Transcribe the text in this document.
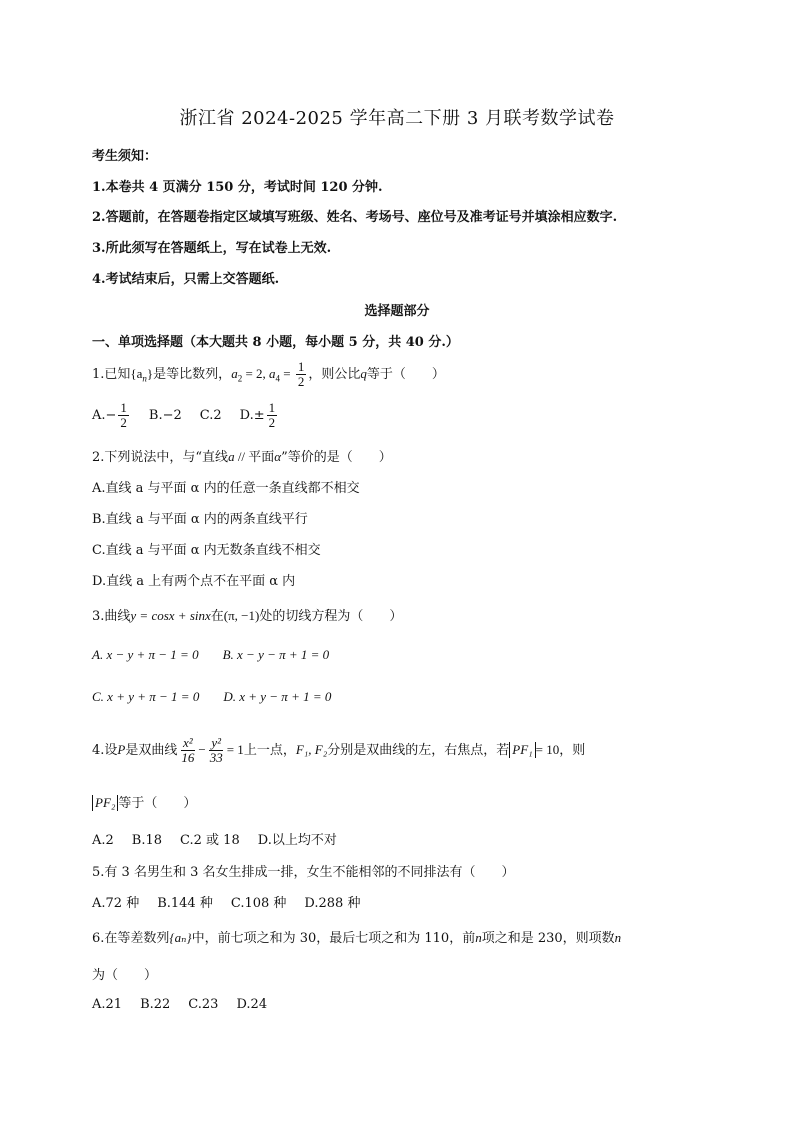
浙江省 2024-2025 学年高二下册 3 月联考数学试卷
考生须知：
1.本卷共 4 页满分 150 分，考试时间 120 分钟.
2.答题前，在答题卷指定区域填写班级、姓名、考场号、座位号及准考证号并填涂相应数字.
3.所此须写在答题纸上，写在试卷上无效.
4.考试结束后，只需上交答题纸.
选择题部分
一、单项选择题（本大题共 8 小题，每小题 5 分，共 40 分.）
1.已知$\{a_n\}$是等比数列，$a_2 = 2$, $a_4 = \frac{1}{2}$ ，则公比q等于（　　）
$A.- \frac{1}{2} B.-2$ C.2 $D.\pm \frac{1}{2}$
2.下列说法中，与“直线a // 平面α”等价的是（　　）
A.直线 a 与平面 α 内的任意一条直线都不相交
B.直线 a 与平面 α 内的两条直线平行
C.直线 a 与平面 α 内无数条直线不相交
D.直线 a 上有两个点不在平面 α 内
3.曲线y = cosx + sinx在(π, −1)处的切线方程为（　　）
A. x − y + π − 1 = 0 B. x − y − π + 1 = 0
C. x + y + π − 1 = 0 D. x + y − π + 1 = 0
4.设P是双曲线 $\frac{\text{x²}}{16} - \frac{\text{y²}}{33} = 1$上一点，F₁, F₂分别是双曲线的左，右焦点，若 PF₁ = 10，则
PF₂ 等于（　　）
A.2 B.18 C.2 或 18 D.以上均不对
5.有 3 名男生和 3 名女生排成一排，女生不能相邻的不同排法有（　　）
A.72 种 B.144 种 C.108 种 D.288 种
6.在等差数列{aₙ}中，前七项之和为 30，最后七项之和为 110，前n项之和是 230，则项数n
为（　　）
A.21 B.22 C.23 D.24
